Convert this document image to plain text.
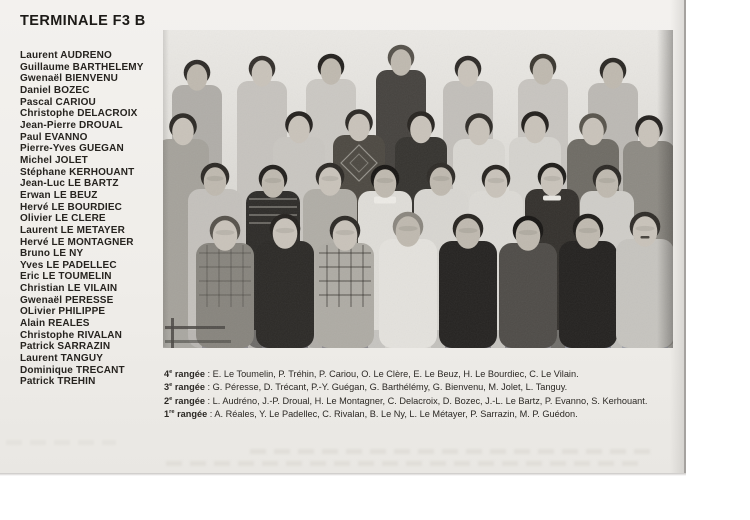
TERMINALE F3 B
Laurent AUDRENO
Guillaume BARTHELEMY
Gwenaël BIENVENU
Daniel BOZEC
Pascal CARIOU
Christophe DELACROIX
Jean-Pierre DROUAL
Paul EVANNO
Pierre-Yves GUEGAN
Michel JOLET
Stéphane KERHOUANT
Jean-Luc LE BARTZ
Erwan LE BEUZ
Hervé LE BOURDIEC
Olivier LE CLERE
Laurent LE METAYER
Hervé LE MONTAGNER
Bruno LE NY
Yves LE PADELLEC
Eric LE TOUMELIN
Christian LE VILAIN
Gwenaël PERESSE
OLivier PHILIPPE
Alain REALES
Christophe RIVALAN
Patrick SARRAZIN
Laurent TANGUY
Dominique TRECANT
Patrick TREHIN

4e rangée : E. Le Toumelin, P. Tréhin, P. Cariou, O. Le Clère, E. Le Beuz, H. Le Bourdiec, C. Le Vilain.

3e rangée : G. Péresse, D. Trécant, P.-Y. Guégan, G. Barthélémy, G. Bienvenu, M. Jolet, L. Tanguy.

2e rangée : L. Audréno, J.-P. Droual, H. Le Montagner, C. Delacroix, D. Bozec, J.-L. Le Bartz, P. Evanno, S. Kerhouant.

1re rangée : A. Réales, Y. Le Padellec, C. Rivalan, B. Le Ny, L. Le Métayer, P. Sarrazin, M. P. Guédon.
